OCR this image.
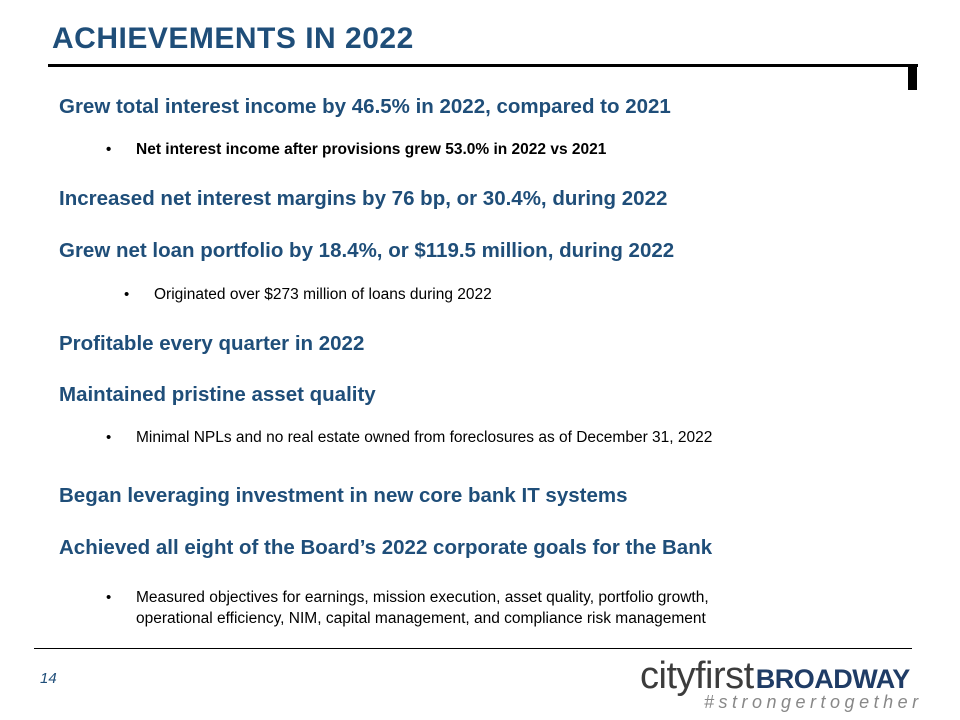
ACHIEVEMENTS IN 2022

Grew total interest income by 46.5% in 2022, compared to 2021

• Net interest income after provisions grew 53.0% in 2022 vs 2021

Increased net interest margins by 76 bp, or 30.4%, during 2022

Grew net loan portfolio by 18.4%, or $119.5 million, during 2022

• Originated over $273 million of loans during 2022

Profitable every quarter in 2022

Maintained pristine asset quality

• Minimal NPLs and no real estate owned from foreclosures as of December 31, 2022

Began leveraging investment in new core bank IT systems

Achieved all eight of the Board’s 2022 corporate goals for the Bank

• Measured objectives for earnings, mission execution, asset quality, portfolio growth,
operational efficiency, NIM, capital management, and compliance risk management
14	cityfirstBROADWAY
#strongertogether
